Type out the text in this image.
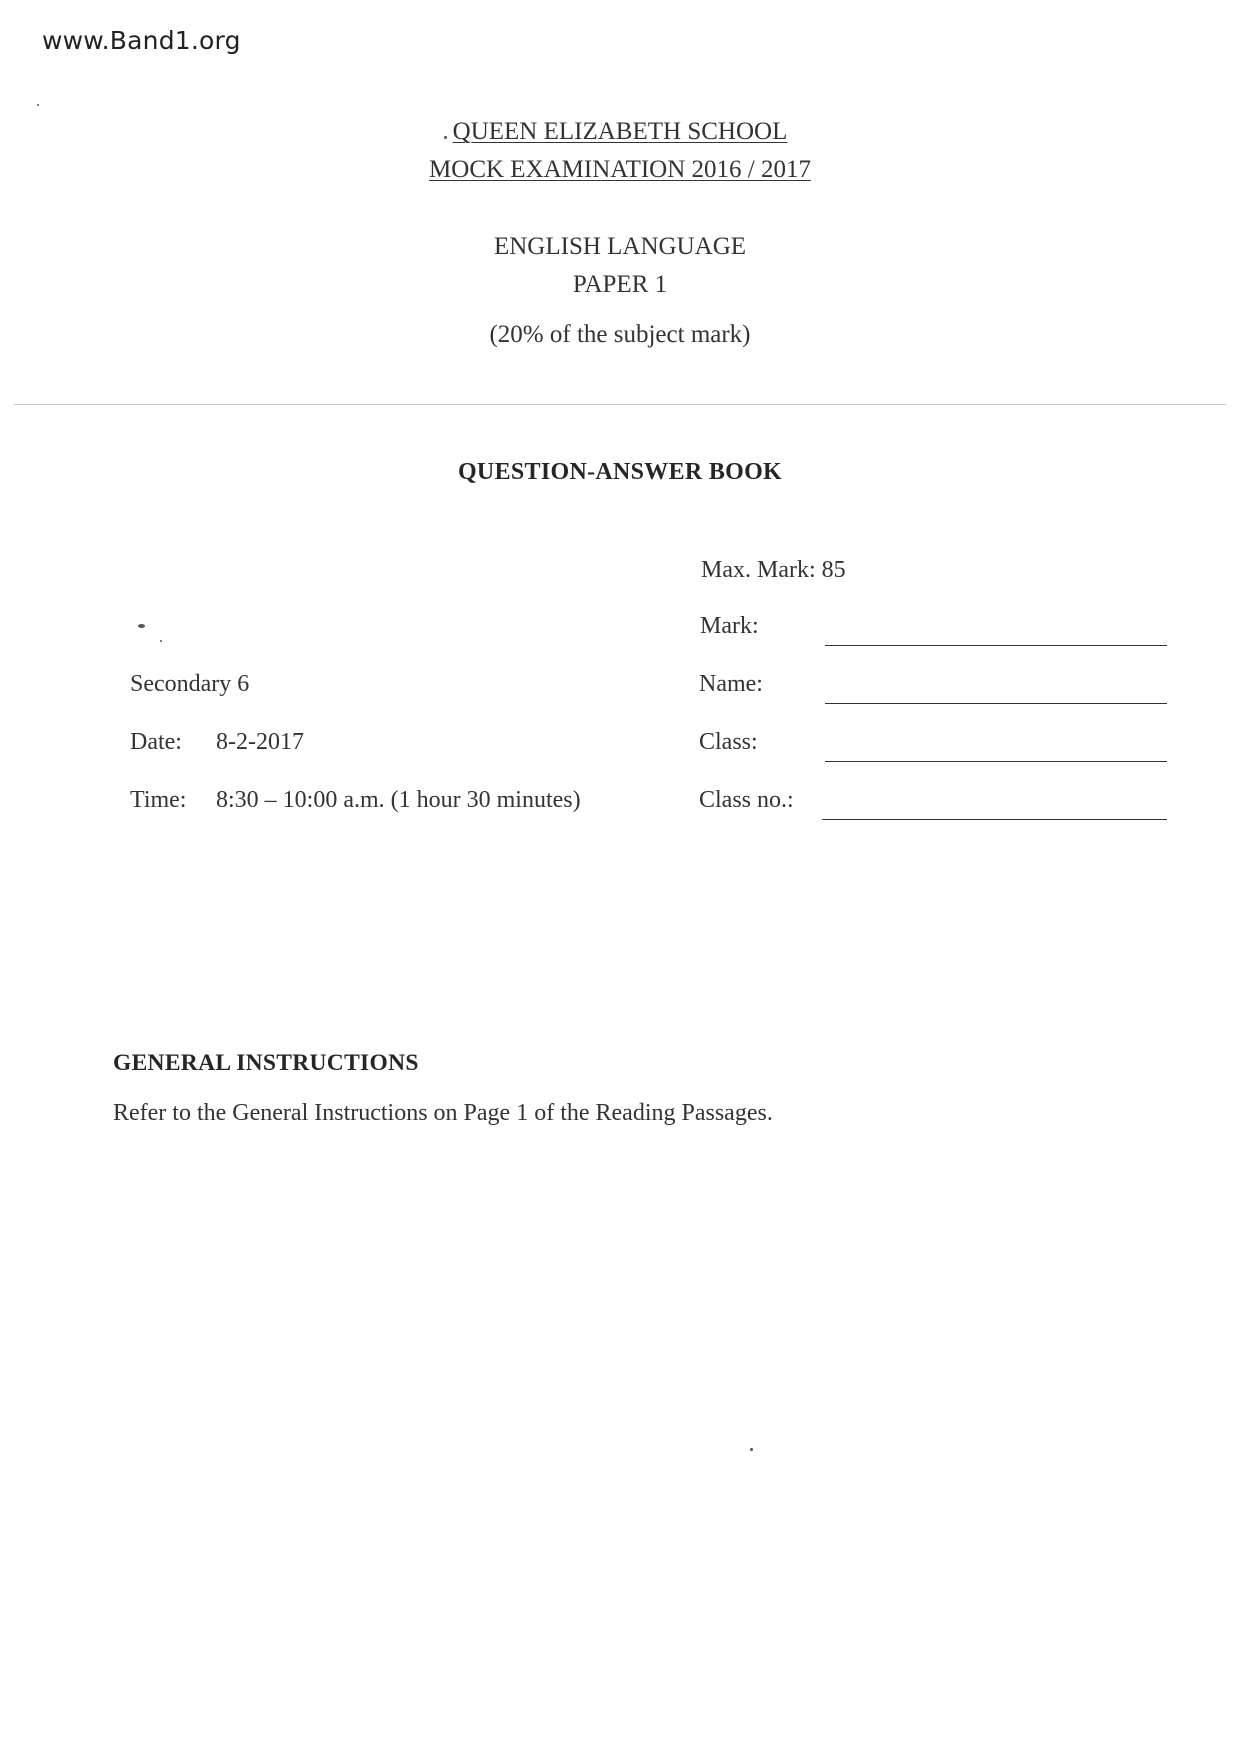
www.Band1.org
QUEEN ELIZABETH SCHOOL
MOCK EXAMINATION 2016 / 2017
ENGLISH LANGUAGE
PAPER 1
(20% of the subject mark)
QUESTION-ANSWER BOOK
Max. Mark: 85
Mark:
Name:
Class:
Class no.:
Secondary 6
Date: 8-2-2017
Time: 8:30 – 10:00 a.m. (1 hour 30 minutes)
GENERAL INSTRUCTIONS
Refer to the General Instructions on Page 1 of the Reading Passages.
